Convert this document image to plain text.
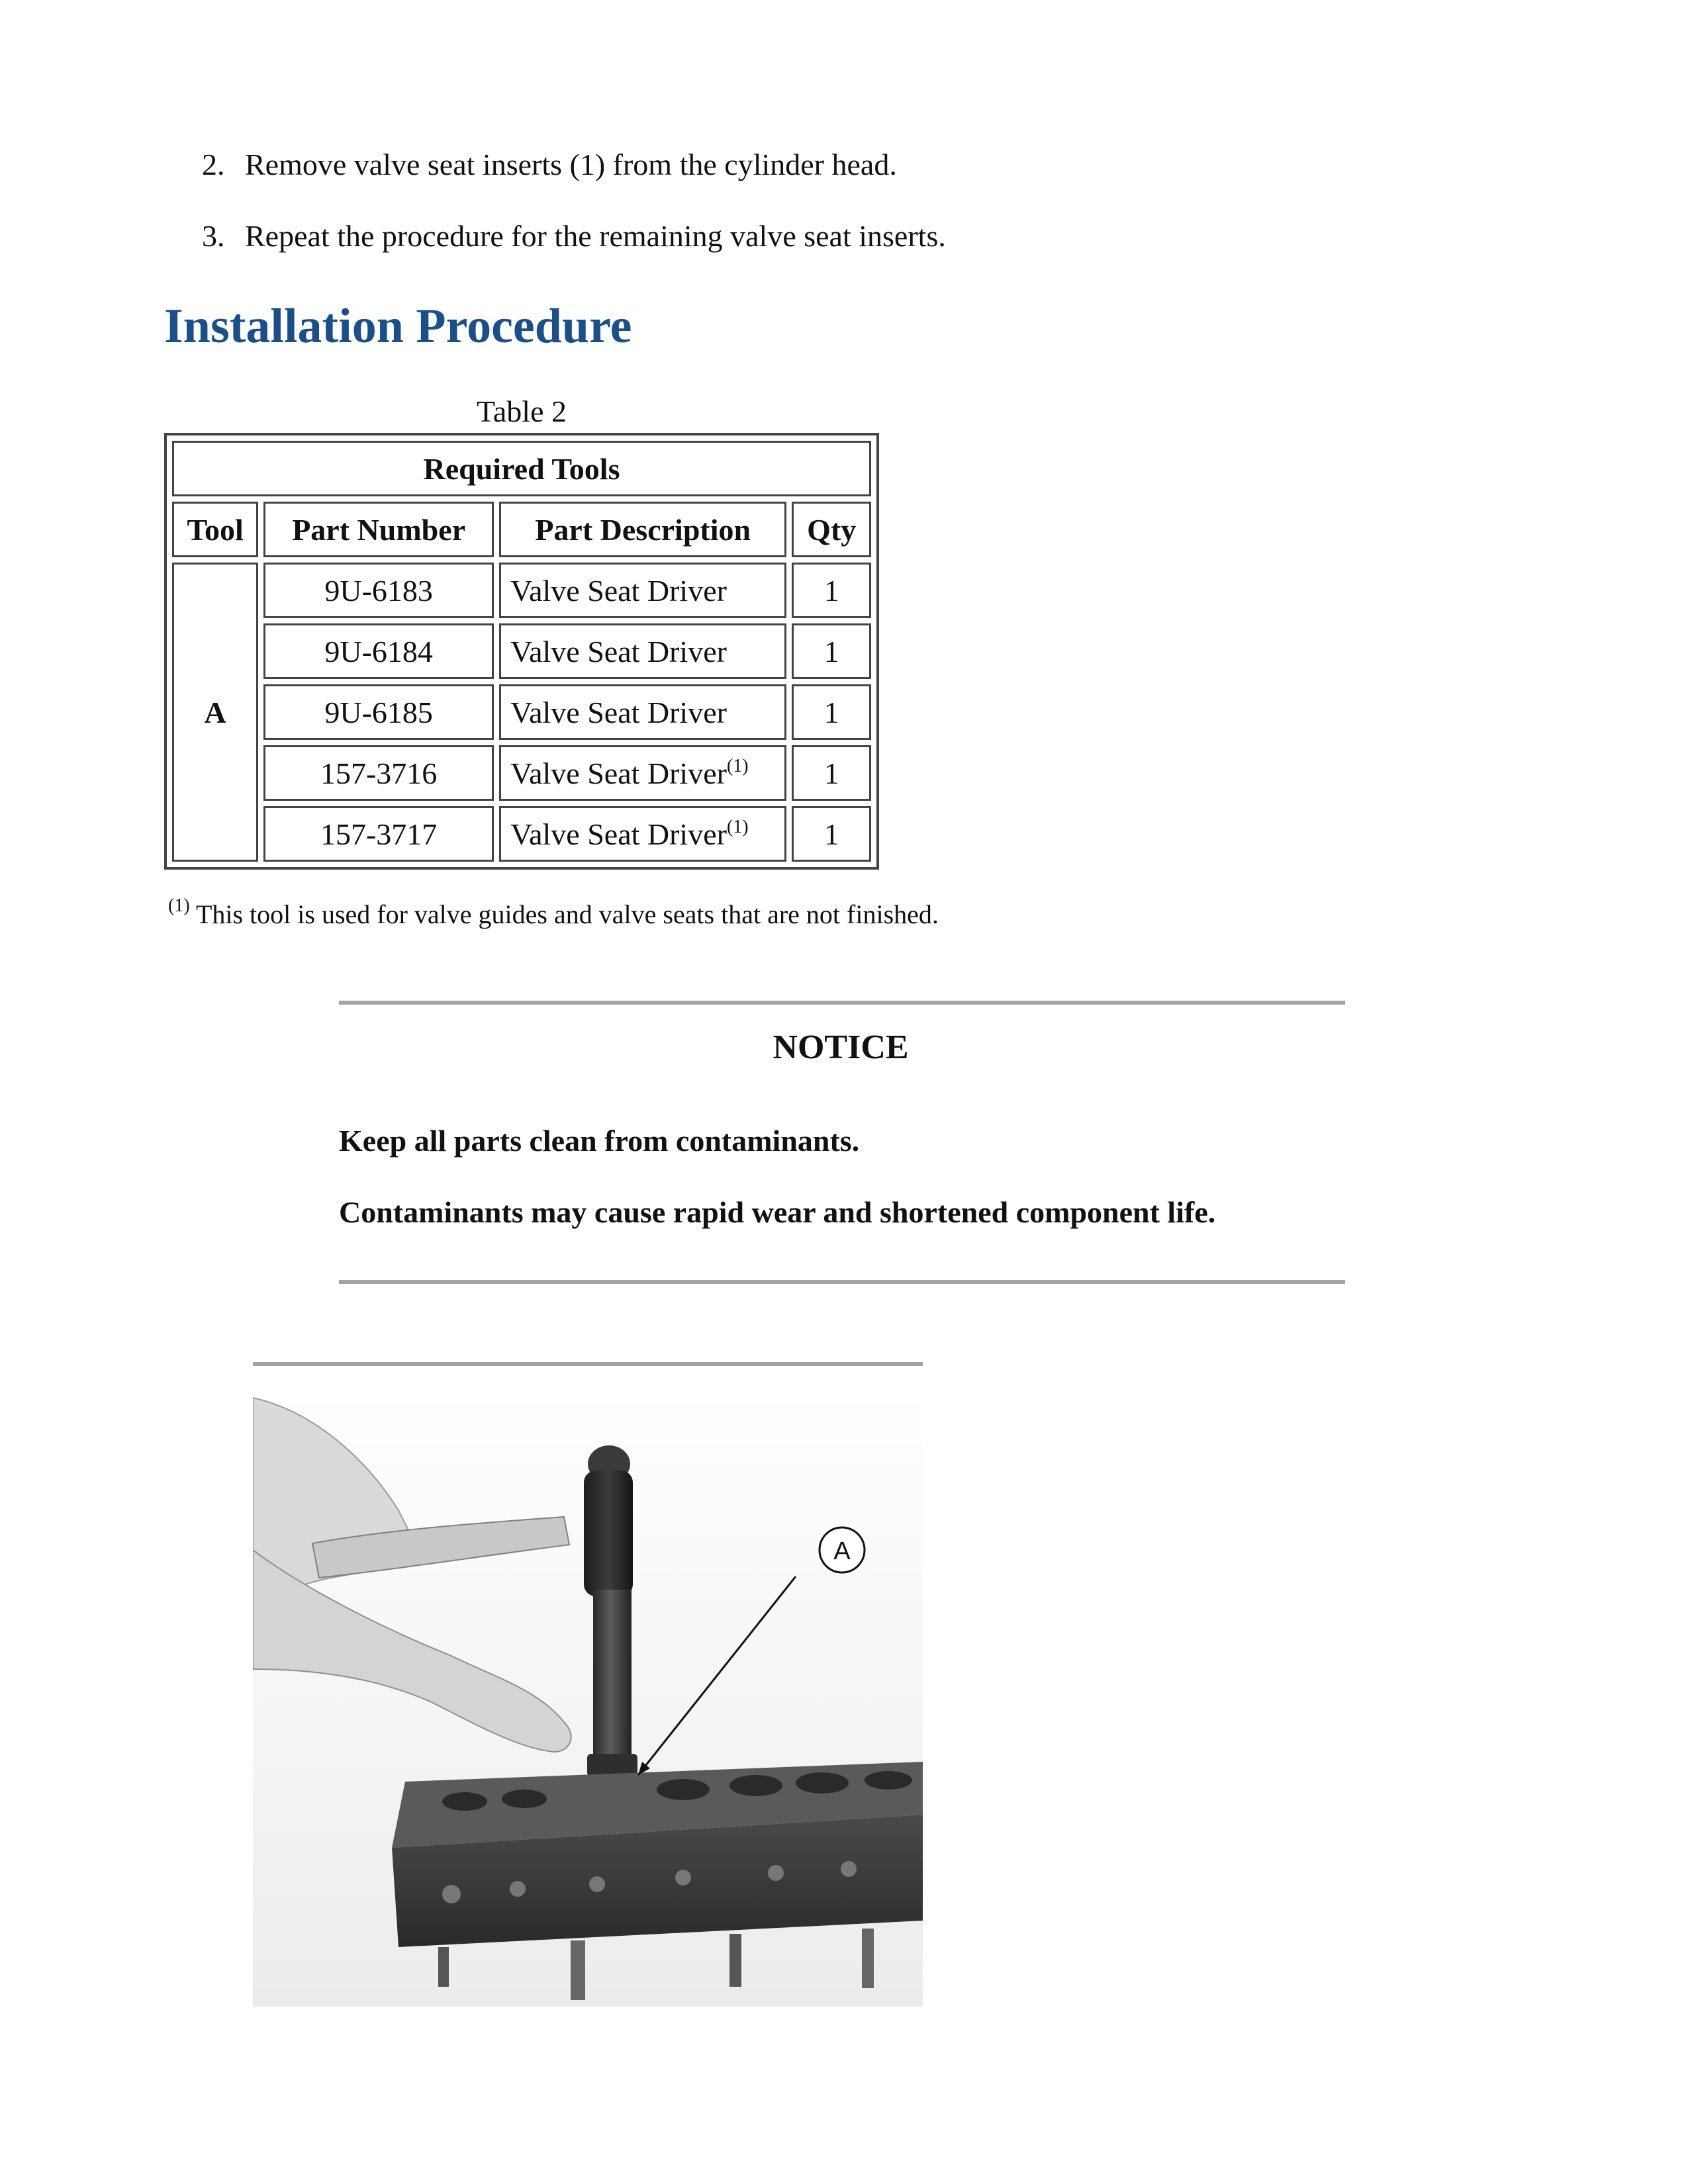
2. Remove valve seat inserts (1) from the cylinder head.
3. Repeat the procedure for the remaining valve seat inserts.
Installation Procedure
Table 2
Required Tools			
Tool	Part Number	Part Description	Qty
A	9U-6183	Valve Seat Driver	1
	9U-6184	Valve Seat Driver	1
	9U-6185	Valve Seat Driver	1
	157-3716	Valve Seat Driver$^{(1)}$	1
	157-3717	Valve Seat Driver$^{(1)}$	1
$^{(1)}$ This tool is used for valve guides and valve seats that are not finished.
NOTICE
Keep all parts clean from contaminants.
Contaminants may cause rapid wear and shortened component life.
A
